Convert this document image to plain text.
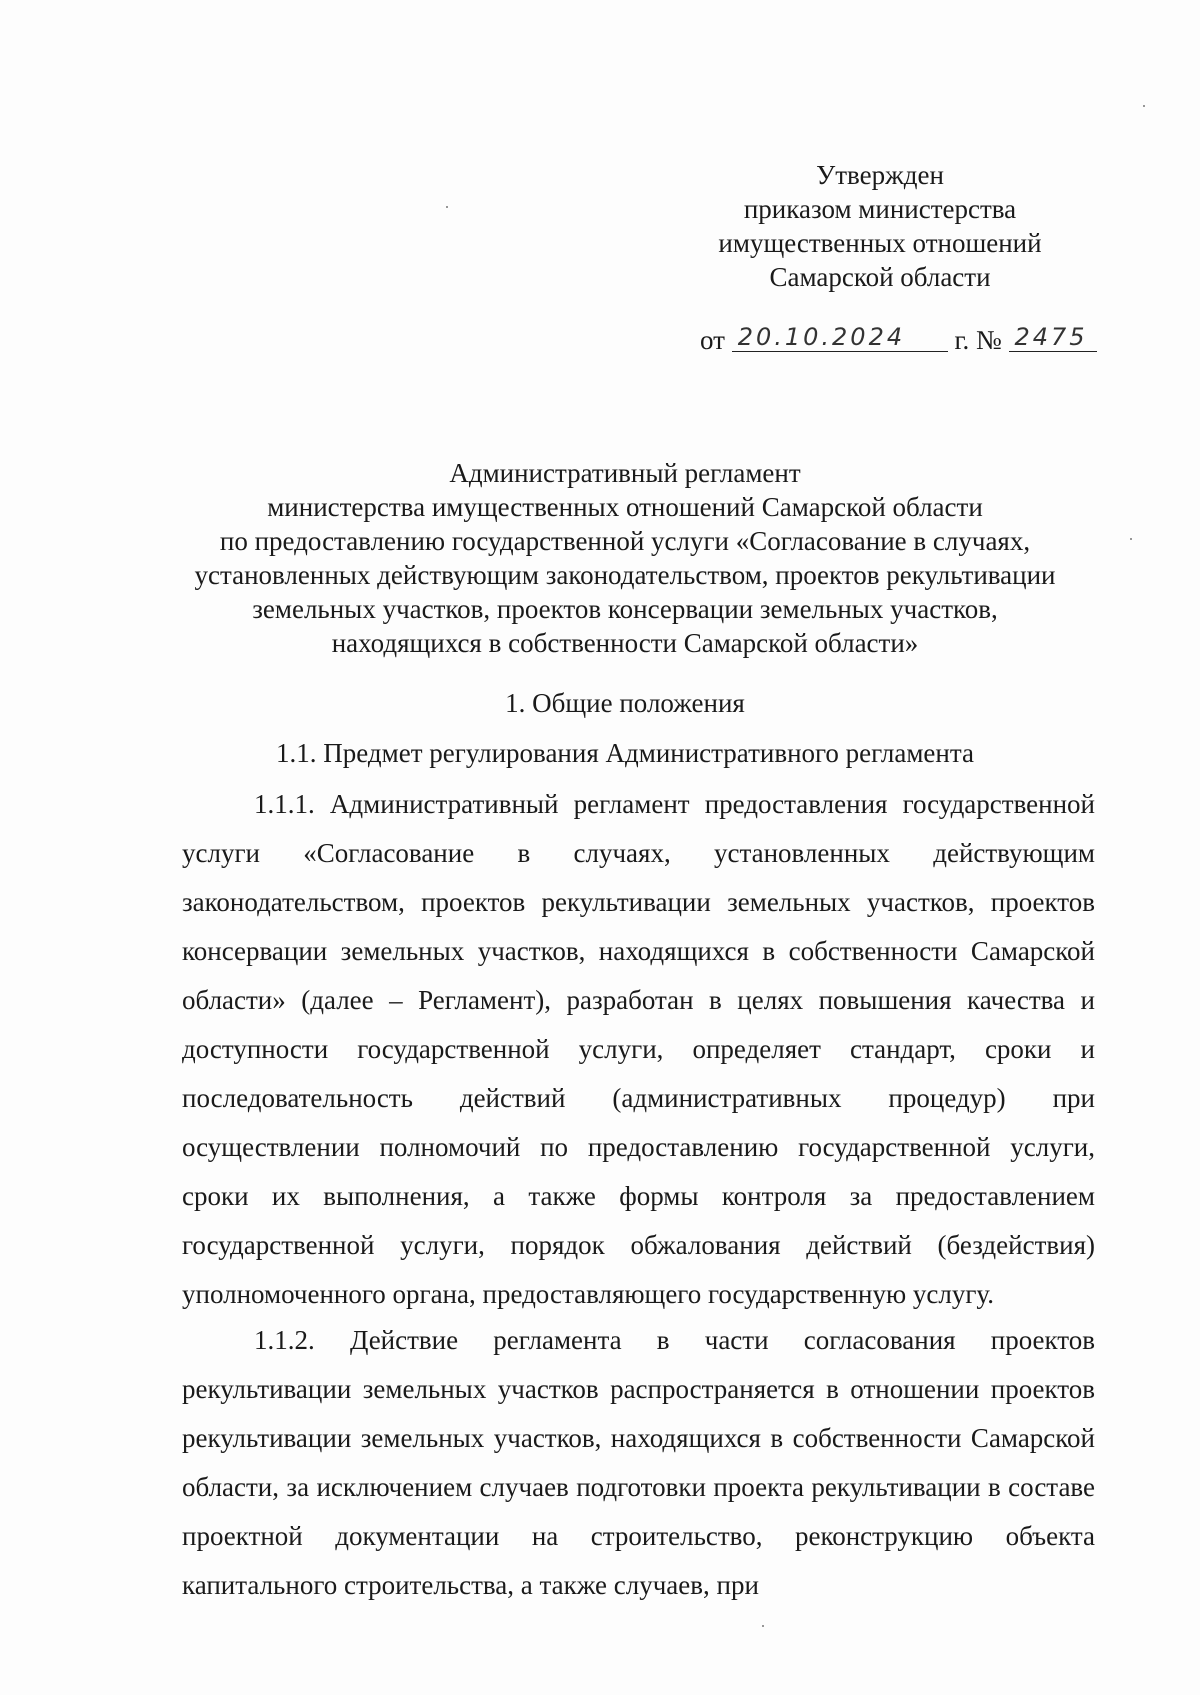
Утвержден
приказом министерства
имущественных отношений
Самарской области
от 20.10.2024 г. № 2475
Административный регламент
министерства имущественных отношений Самарской области
по предоставлению государственной услуги «Согласование в случаях,
установленных действующим законодательством, проектов рекультивации
земельных участков, проектов консервации земельных участков,
находящихся в собственности Самарской области»
1. Общие положения
1.1. Предмет регулирования Административного регламента

1.1.1. Административный регламент предоставления государственной услуги «Согласование в случаях, установленных действующим законодательством, проектов рекультивации земельных участков, проектов консервации земельных участков, находящихся в собственности Самарской области» (далее – Регламент), разработан в целях повышения качества и доступности государственной услуги, определяет стандарт, сроки и последовательность действий (административных процедур) при осуществлении полномочий по предоставлению государственной услуги, сроки их выполнения, а также формы контроля за предоставлением государственной услуги, порядок обжалования действий (бездействия) уполномоченного органа, предоставляющего государственную услугу.

1.1.2. Действие регламента в части согласования проектов рекультивации земельных участков распространяется в отношении проектов рекультивации земельных участков, находящихся в собственности Самарской области, за исключением случаев подготовки проекта рекультивации в составе проектной документации на строительство, реконструкцию объекта капитального строительства, а также случаев, при
